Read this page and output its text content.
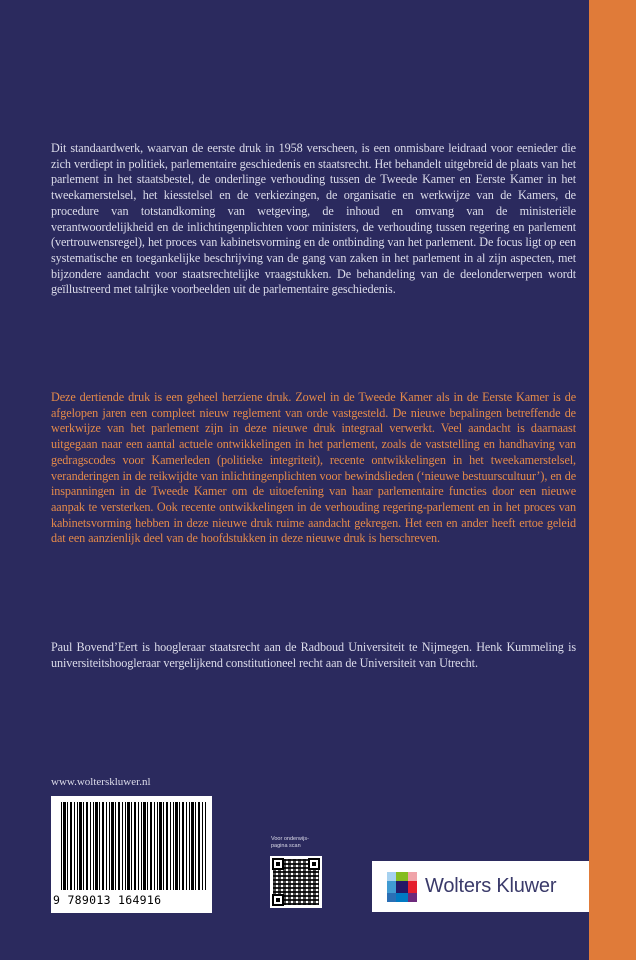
Dit standaardwerk, waarvan de eerste druk in 1958 verscheen, is een onmisbare leidraad voor eenieder die zich verdiept in politiek, parlementaire geschiedenis en staatsrecht. Het behandelt uitgebreid de plaats van het parlement in het staatsbestel, de onderlinge verhouding tussen de Tweede Kamer en Eerste Kamer in het tweekamerstelsel, het kiesstelsel en de verkiezingen, de organisatie en werkwijze van de Kamers, de procedure van totstandkoming van wetgeving, de inhoud en omvang van de ministeriële verantwoordelijkheid en de inlichtingenplichten voor ministers, de verhouding tussen regering en parlement (vertrouwensregel), het proces van kabinetsvorming en de ontbinding van het parlement. De focus ligt op een systematische en toegankelijke beschrijving van de gang van zaken in het parlement in al zijn aspecten, met bijzondere aandacht voor staatsrechtelijke vraagstukken. De behandeling van de deelonderwerpen wordt geïllustreerd met talrijke voorbeelden uit de parlementaire geschiedenis.

Deze dertiende druk is een geheel herziene druk. Zowel in de Tweede Kamer als in de Eerste Kamer is de afgelopen jaren een compleet nieuw reglement van orde vastgesteld. De nieuwe bepalingen betreffende de werkwijze van het parlement zijn in deze nieuwe druk integraal verwerkt. Veel aandacht is daarnaast uitgegaan naar een aantal actuele ontwikkelingen in het parlement, zoals de vaststelling en handhaving van gedragscodes voor Kamerleden (politieke integriteit), recente ontwikkelingen in het tweekamerstelsel, veranderingen in de reikwijdte van inlichtingenplichten voor bewindslieden (‘nieuwe bestuurscultuur’), en de inspanningen in de Tweede Kamer om de uitoefening van haar parlementaire functies door een nieuwe aanpak te versterken. Ook recente ontwikkelingen in de verhouding regering-parlement en in het proces van kabinetsvorming hebben in deze nieuwe druk ruime aandacht gekregen. Het een en ander heeft ertoe geleid dat een aanzienlijk deel van de hoofdstukken in deze nieuwe druk is herschreven.

Paul Bovend’Eert is hoogleraar staatsrecht aan de Radboud Universiteit te Nijmegen. Henk Kummeling is universiteitshoogleraar vergelijkend constitutioneel recht aan de Universiteit van Utrecht.

www.wolterskluwer.nl
9 789013 164916
Voor onderwijs-
pagina scan
Wolters Kluwer
